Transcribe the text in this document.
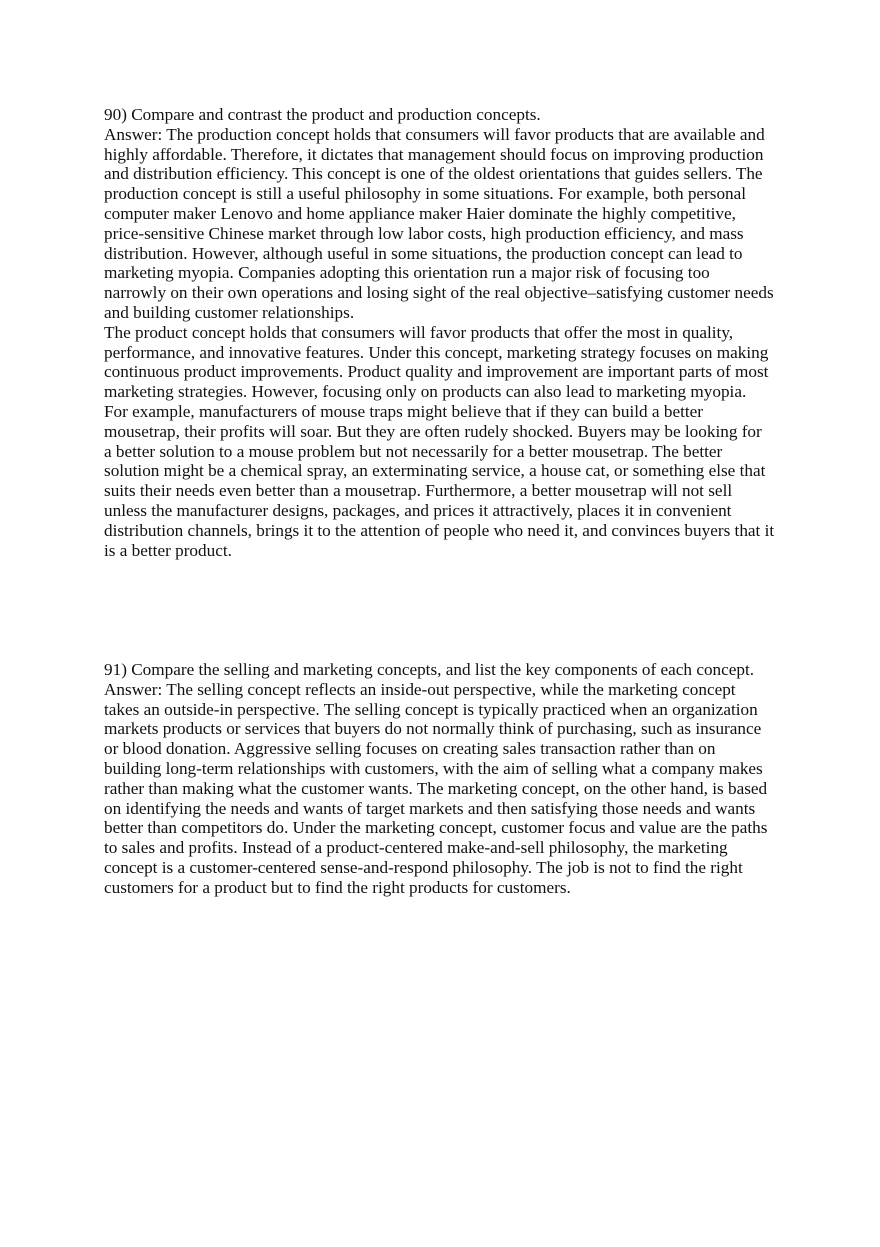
90) Compare and contrast the product and production concepts.
Answer: The production concept holds that consumers will favor products that are available and
highly affordable. Therefore, it dictates that management should focus on improving production
and distribution efficiency. This concept is one of the oldest orientations that guides sellers. The
production concept is still a useful philosophy in some situations. For example, both personal
computer maker Lenovo and home appliance maker Haier dominate the highly competitive,
price-sensitive Chinese market through low labor costs, high production efficiency, and mass
distribution. However, although useful in some situations, the production concept can lead to
marketing myopia. Companies adopting this orientation run a major risk of focusing too
narrowly on their own operations and losing sight of the real objective–satisfying customer needs
and building customer relationships.
The product concept holds that consumers will favor products that offer the most in quality,
performance, and innovative features. Under this concept, marketing strategy focuses on making
continuous product improvements. Product quality and improvement are important parts of most
marketing strategies. However, focusing only on products can also lead to marketing myopia.
For example, manufacturers of mouse traps might believe that if they can build a better
mousetrap, their profits will soar. But they are often rudely shocked. Buyers may be looking for
a better solution to a mouse problem but not necessarily for a better mousetrap. The better
solution might be a chemical spray, an exterminating service, a house cat, or something else that
suits their needs even better than a mousetrap. Furthermore, a better mousetrap will not sell
unless the manufacturer designs, packages, and prices it attractively, places it in convenient
distribution channels, brings it to the attention of people who need it, and convinces buyers that it
is a better product.
91) Compare the selling and marketing concepts, and list the key components of each concept.
Answer: The selling concept reflects an inside-out perspective, while the marketing concept
takes an outside-in perspective. The selling concept is typically practiced when an organization
markets products or services that buyers do not normally think of purchasing, such as insurance
or blood donation. Aggressive selling focuses on creating sales transaction rather than on
building long-term relationships with customers, with the aim of selling what a company makes
rather than making what the customer wants. The marketing concept, on the other hand, is based
on identifying the needs and wants of target markets and then satisfying those needs and wants
better than competitors do. Under the marketing concept, customer focus and value are the paths
to sales and profits. Instead of a product-centered make-and-sell philosophy, the marketing
concept is a customer-centered sense-and-respond philosophy. The job is not to find the right
customers for a product but to find the right products for customers.
